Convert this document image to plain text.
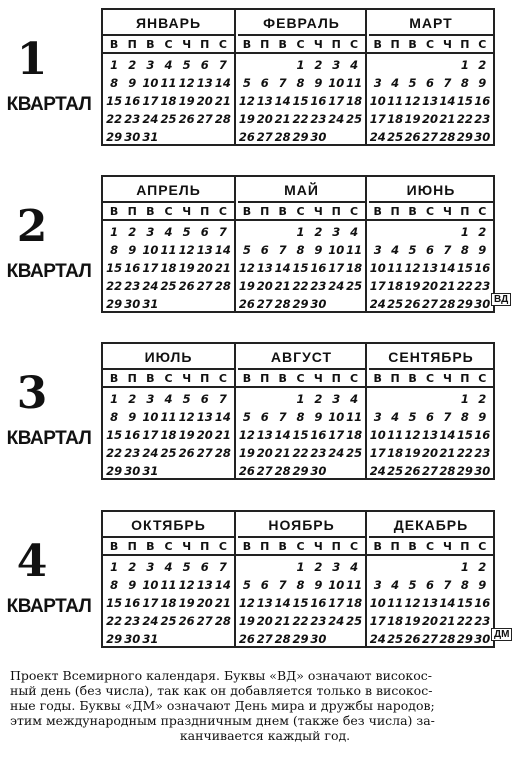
1
КВАРТАЛ
ЯНВАРЬ
В П В С Ч П С
1 2 3 4 5 6 7
8 9 10 11 12 13 14
15 16 17 18 19 20 21
22 23 24 25 26 27 28
29 30 31
ФЕВРАЛЬ
В П В С Ч П С
1 2 3 4
5 6 7 8 9 10 11
12 13 14 15 16 17 18
19 20 21 22 23 24 25
26 27 28 29 30
МАРТ
В П В С Ч П С
1 2
3 4 5 6 7 8 9
10 11 12 13 14 15 16
17 18 19 20 21 22 23
24 25 26 27 28 29 30
2
КВАРТАЛ
АПРЕЛЬ
В П В С Ч П С
1 2 3 4 5 6 7
8 9 10 11 12 13 14
15 16 17 18 19 20 21
22 23 24 25 26 27 28
29 30 31
МАЙ
В П В С Ч П С
1 2 3 4
5 6 7 8 9 10 11
12 13 14 15 16 17 18
19 20 21 22 23 24 25
26 27 28 29 30
ИЮНЬ
В П В С Ч П С
1 2
3 4 5 6 7 8 9
10 11 12 13 14 15 16
17 18 19 20 21 22 23
24 25 26 27 28 29 30 ВД
3
КВАРТАЛ
ИЮЛЬ
В П В С Ч П С
1 2 3 4 5 6 7
8 9 10 11 12 13 14
15 16 17 18 19 20 21
22 23 24 25 26 27 28
29 30 31
АВГУСТ
В П В С Ч П С
1 2 3 4
5 6 7 8 9 10 11
12 13 14 15 16 17 18
19 20 21 22 23 24 25
26 27 28 29 30
СЕНТЯБРЬ
В П В С Ч П С
1 2
3 4 5 6 7 8 9
10 11 12 13 14 15 16
17 18 19 20 21 22 23
24 25 26 27 28 29 30
4
КВАРТАЛ
ОКТЯБРЬ
В П В С Ч П С
1 2 3 4 5 6 7
8 9 10 11 12 13 14
15 16 17 18 19 20 21
22 23 24 25 26 27 28
29 30 31
НОЯБРЬ
В П В С Ч П С
1 2 3 4
5 6 7 8 9 10 11
12 13 14 15 16 17 18
19 20 21 22 23 24 25
26 27 28 29 30
ДЕКАБРЬ
В П В С Ч П С
1 2
3 4 5 6 7 8 9
10 11 12 13 14 15 16
17 18 19 20 21 22 23
24 25 26 27 28 29 30 ДМ
Проект Всемирного календаря. Буквы «ВД» означают високос-
ный день (без числа), так как он добавляется только в високос-
ные годы. Буквы «ДМ» означают День мира и дружбы народов;
этим международным праздничным днем (также без числа) за-

канчивается каждый год.
